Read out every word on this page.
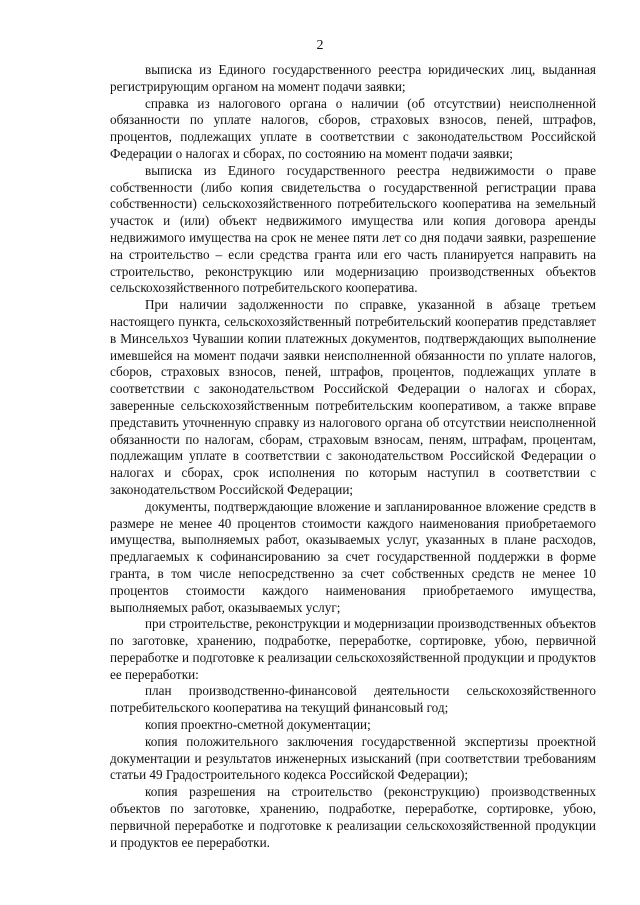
2

выписка из Единого государственного реестра юридических лиц, выданная регистрирующим органом на момент подачи заявки;

справка из налогового органа о наличии (об отсутствии) неисполненной обязанности по уплате налогов, сборов, страховых взносов, пеней, штрафов, процентов, подлежащих уплате в соответствии с законодательством Российской Федерации о налогах и сборах, по состоянию на момент подачи заявки;

выписка из Единого государственного реестра недвижимости о праве собственности (либо копия свидетельства о государственной регистрации права собственности) сельскохозяйственного потребительского кооператива на земельный участок и (или) объект недвижимого имущества или копия договора аренды недвижимого имущества на срок не менее пяти лет со дня подачи заявки, разрешение на строительство – если средства гранта или его часть планируется направить на строительство, реконструкцию или модернизацию производственных объектов сельскохозяйственного потребительского кооператива.

При наличии задолженности по справке, указанной в абзаце третьем настоящего пункта, сельскохозяйственный потребительский кооператив представляет в Минсельхоз Чувашии копии платежных документов, подтверждающих выполнение имевшейся на момент подачи заявки неисполненной обязанности по уплате налогов, сборов, страховых взносов, пеней, штрафов, процентов, подлежащих уплате в соответствии с законодательством Российской Федерации о налогах и сборах, заверенные сельскохозяйственным потребительским кооперативом, а также вправе представить уточненную справку из налогового органа об отсутствии неисполненной обязанности по налогам, сборам, страховым взносам, пеням, штрафам, процентам, подлежащим уплате в соответствии с законодательством Российской Федерации о налогах и сборах, срок исполнения по которым наступил в соответствии с законодательством Российской Федерации;

документы, подтверждающие вложение и запланированное вложение средств в размере не менее 40 процентов стоимости каждого наименования приобретаемого имущества, выполняемых работ, оказываемых услуг, указанных в плане расходов, предлагаемых к софинансированию за счет государственной поддержки в форме гранта, в том числе непосредственно за счет собственных средств не менее 10 процентов стоимости каждого наименования приобретаемого имущества, выполняемых работ, оказываемых услуг;

при строительстве, реконструкции и модернизации производственных объектов по заготовке, хранению, подработке, переработке, сортировке, убою, первичной переработке и подготовке к реализации сельскохозяйственной продукции и продуктов ее переработки:

план производственно-финансовой деятельности сельскохозяйственного потребительского кооператива на текущий финансовый год;

копия проектно-сметной документации;

копия положительного заключения государственной экспертизы проектной документации и результатов инженерных изысканий (при соответствии требованиям статьи 49 Градостроительного кодекса Российской Федерации);

копия разрешения на строительство (реконструкцию) производственных объектов по заготовке, хранению, подработке, переработке, сортировке, убою, первичной переработке и подготовке к реализации сельскохозяйственной продукции и продуктов ее переработки.
